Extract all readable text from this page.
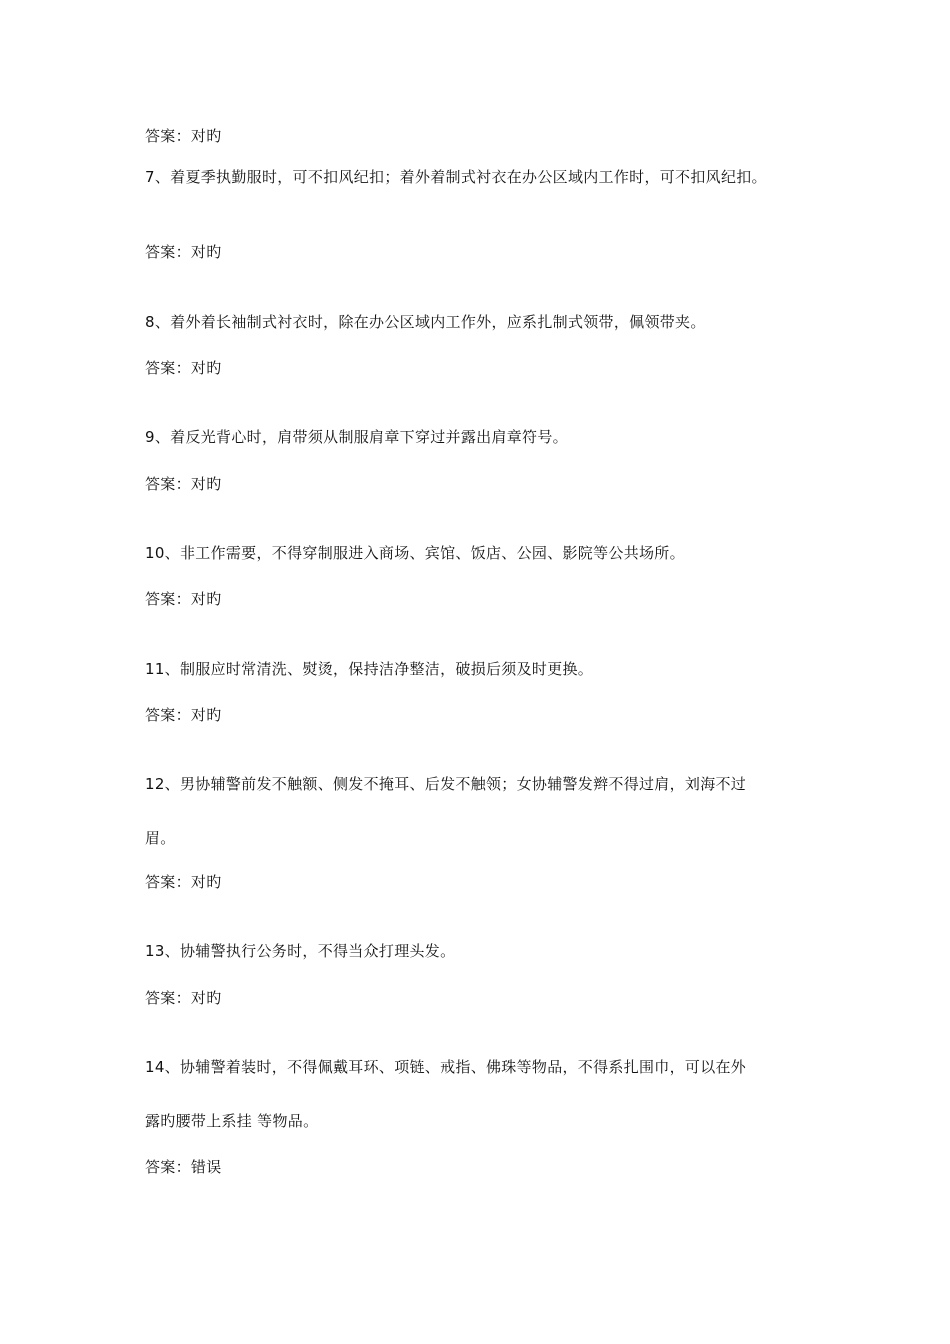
答案：对旳
7、着夏季执勤服时，可不扣风纪扣；着外着制式衬衣在办公区域内工作时，可不扣风纪扣。
答案：对旳
8、着外着长袖制式衬衣时，除在办公区域内工作外，应系扎制式领带，佩领带夹。
答案：对旳
9、着反光背心时，肩带须从制服肩章下穿过并露出肩章符号。
答案：对旳
10、非工作需要，不得穿制服进入商场、宾馆、饭店、公园、影院等公共场所。
答案：对旳
11、制服应时常清洗、熨烫，保持洁净整洁，破损后须及时更换。
答案：对旳
12、男协辅警前发不触额、侧发不掩耳、后发不触领；女协辅警发辫不得过肩，刘海不过
眉。
答案：对旳
13、协辅警执行公务时，不得当众打理头发。
答案：对旳
14、协辅警着装时，不得佩戴耳环、项链、戒指、佛珠等物品，不得系扎围巾，可以在外
露旳腰带上系挂 等物品。
答案：错误
